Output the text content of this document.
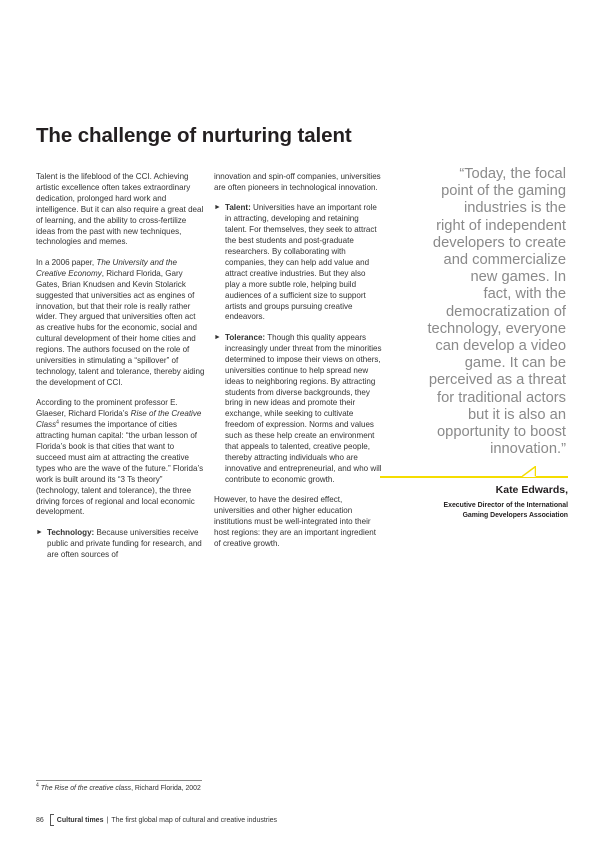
The challenge of nurturing talent

Talent is the lifeblood of the CCI. Achieving artistic excellence often takes extraordinary dedication, prolonged hard work and intelligence. But it can also require a great deal of learning, and the ability to cross-fertilize ideas from the past with new techniques, technologies and memes.

In a 2006 paper, The University and the Creative Economy, Richard Florida, Gary Gates, Brian Knudsen and Kevin Stolarick suggested that universities act as engines of innovation, but that their role is really rather wider. They argued that universities often act as creative hubs for the economic, social and cultural development of their home cities and regions. The authors focused on the role of universities in stimulating a “spillover” of technology, talent and tolerance, thereby aiding the development of CCI.

According to the prominent professor E. Glaeser, Richard Florida’s Rise of the Creative Class$^4$ resumes the importance of cities attracting human capital: “the urban lesson of Florida’s book is that cities that want to succeed must aim at attracting the creative types who are the wave of the future.” Florida’s work is built around its “3 Ts theory” (technology, talent and tolerance), the three driving forces of regional and local economic development.

► Technology: Because universities receive public and private funding for research, and are often sources of

innovation and spin-off companies, universities are often pioneers in technological innovation.

► Talent: Universities have an important role in attracting, developing and retaining talent. For themselves, they seek to attract the best students and post-graduate researchers. By collaborating with companies, they can help add value and attract creative industries. But they also play a more subtle role, helping build audiences of a sufficient size to support artists and groups pursuing creative endeavors.
► Tolerance: Though this quality appears increasingly under threat from the minorities determined to impose their views on others, universities continue to help spread new ideas to neighboring regions. By attracting students from diverse backgrounds, they bring in new ideas and promote their exchange, while seeking to cultivate freedom of expression. Norms and values such as these help create an environment that appeals to talented, creative people, thereby attracting individuals who are innovative and entrepreneurial, and who will contribute to economic growth.

However, to have the desired effect, universities and other higher education institutions must be well-integrated into their host regions: they are an important ingredient of creative growth.

“Today, the focal
point of the gaming
industries is the
right of independent
developers to create
and commercialize
new games. In
fact, with the
democratization of
technology, everyone
can develop a video
game. It can be
perceived as a threat
for traditional actors
but it is also an
opportunity to boost
innovation.”

Kate Edwards,

Executive Director of the International
Gaming Developers Association

$^4$ The Rise of the creative class, Richard Florida, 2002
86 Cultural times | The first global map of cultural and creative industries
